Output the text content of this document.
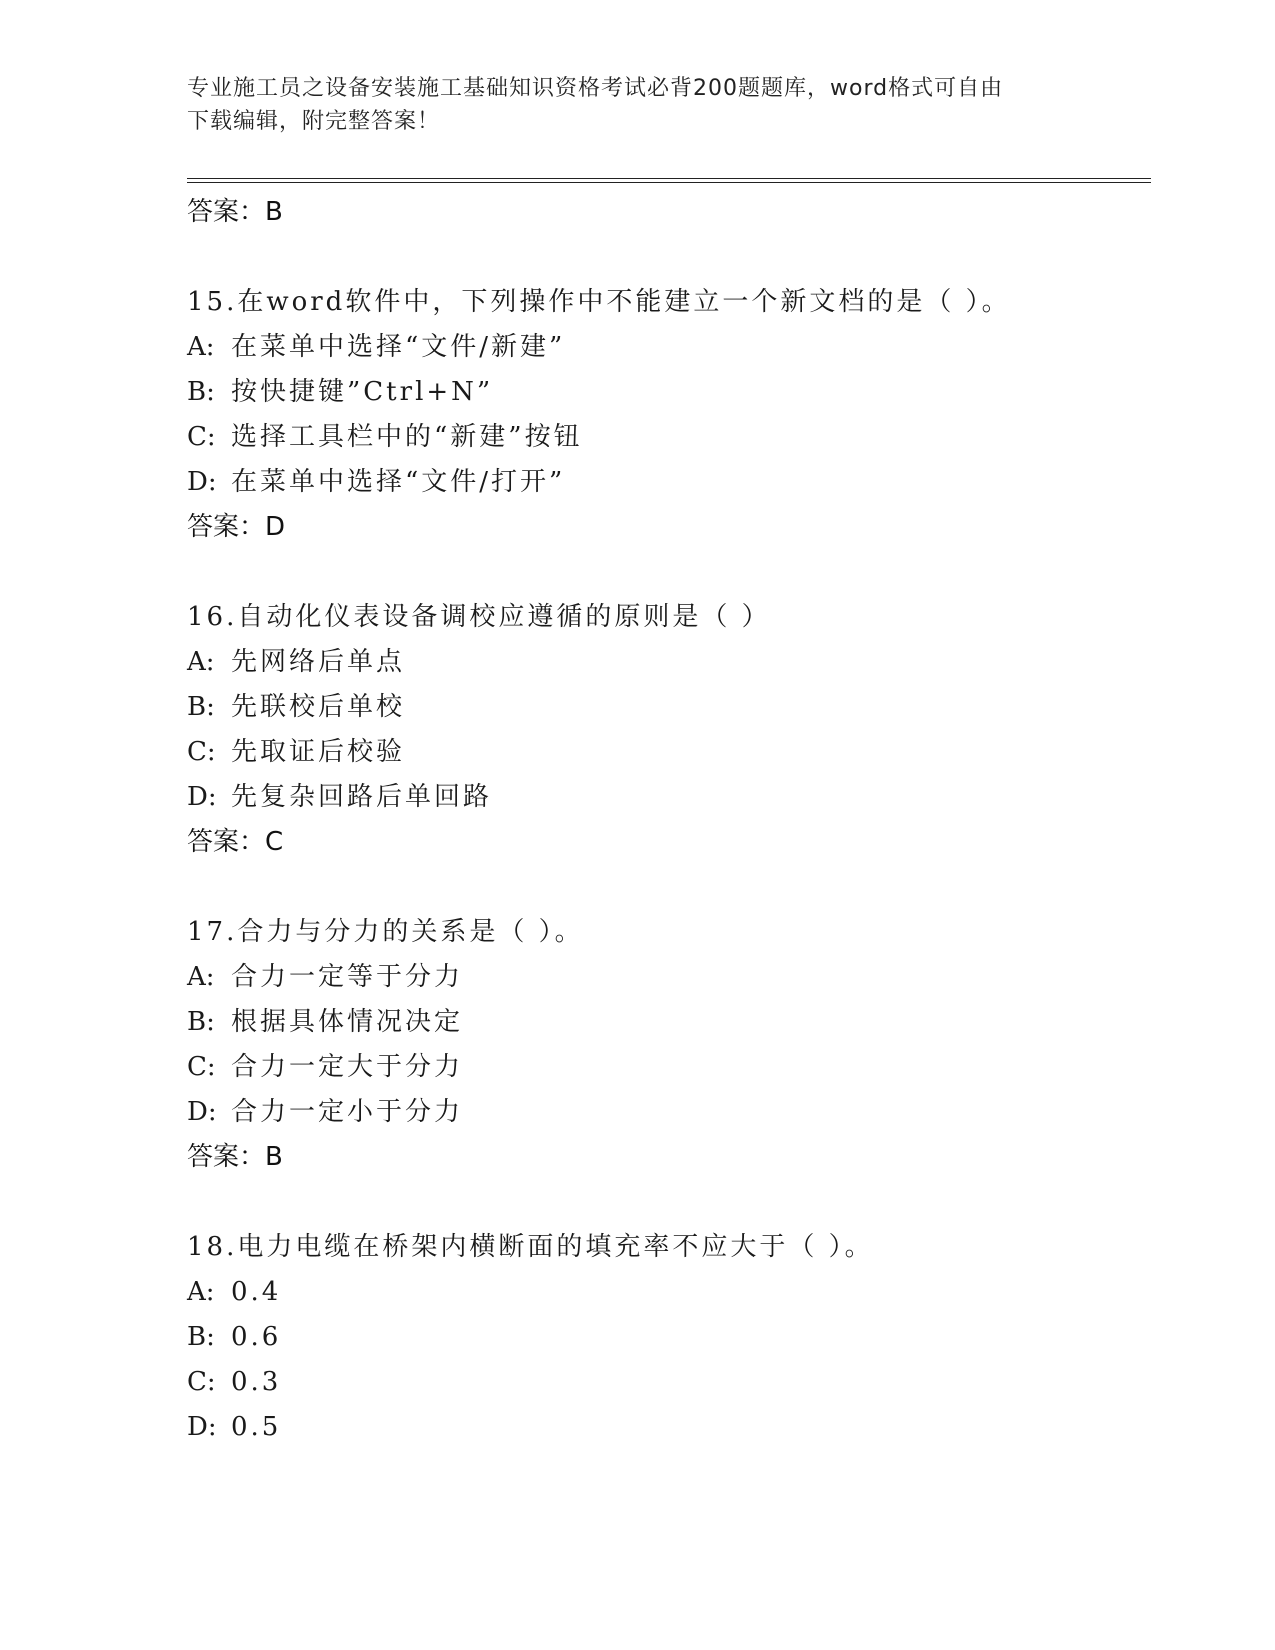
专业施工员之设备安装施工基础知识资格考试必背200题题库，word格式可自由
下载编辑，附完整答案！
答案：B
15.在word软件中，下列操作中不能建立一个新文档的是（ ）。
A: 在菜单中选择“文件/新建”
B: 按快捷键”Ctrl+N”
C: 选择工具栏中的“新建”按钮
D: 在菜单中选择“文件/打开”
答案：D
16.自动化仪表设备调校应遵循的原则是（ ）
A: 先网络后单点
B: 先联校后单校
C: 先取证后校验
D: 先复杂回路后单回路
答案：C
17.合力与分力的关系是（ ）。
A: 合力一定等于分力
B: 根据具体情况决定
C: 合力一定大于分力
D: 合力一定小于分力
答案：B
18.电力电缆在桥架内横断面的填充率不应大于（ ）。
A: 0.4
B: 0.6
C: 0.3
D: 0.5
